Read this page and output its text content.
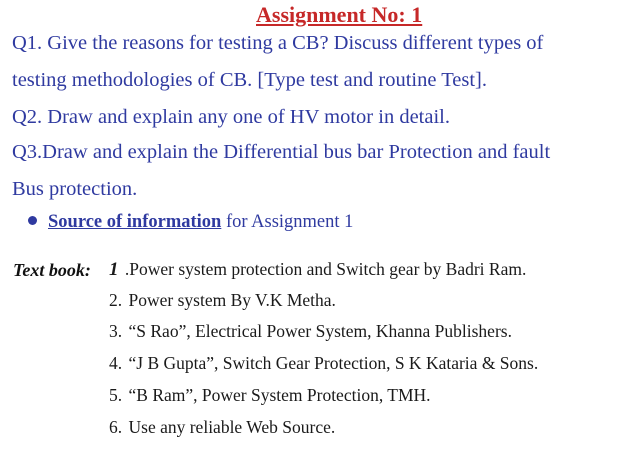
Assignment No: 1

Q1. Give the reasons for testing a CB? Discuss different types of

testing methodologies of CB. [Type test and routine Test].

Q2. Draw and explain any one of HV motor in detail.

Q3.Draw and explain the Differential bus bar Protection and fault

Bus protection.

Source of information for Assignment 1
Text book: 1 .Power system protection and Switch gear by Badri Ram.
2. Power system By V.K Metha.
3. “S Rao”, Electrical Power System, Khanna Publishers.
4. “J B Gupta”, Switch Gear Protection, S K Kataria & Sons.
5. “B Ram”, Power System Protection, TMH.
6. Use any reliable Web Source.
